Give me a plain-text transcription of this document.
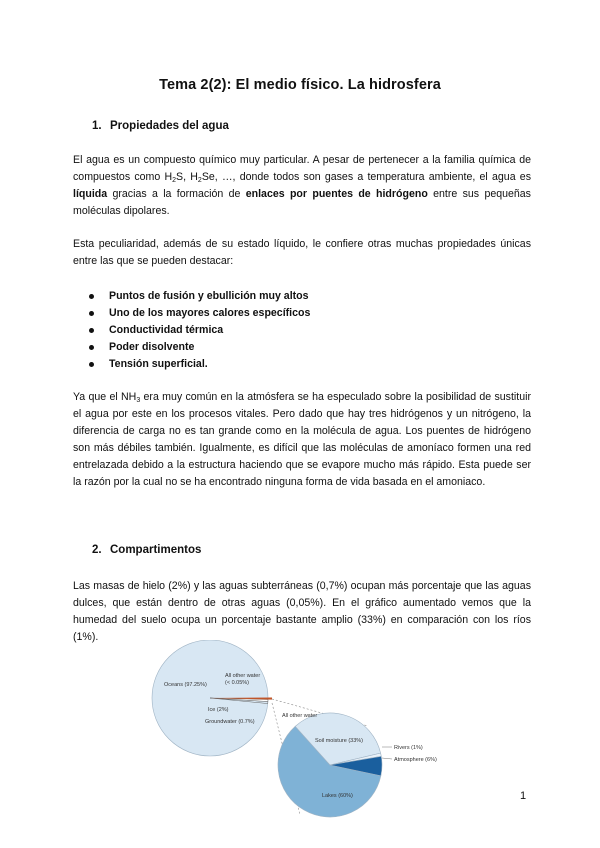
Tema 2(2): El medio físico. La hidrosfera
1. Propiedades del agua

El agua es un compuesto químico muy particular. A pesar de pertenecer a la familia química de compuestos como $H_2S$, $H_2Se$, …, donde todos son gases a temperatura ambiente, el agua es líquida gracias a la formación de enlaces por puentes de hidrógeno entre sus pequeñas moléculas dipolares.

Esta peculiaridad, además de su estado líquido, le confiere otras muchas propiedades únicas entre las que se pueden destacar:

Puntos de fusión y ebullición muy altos
Uno de los mayores calores específicos
Conductividad térmica
Poder disolvente
Tensión superficial.

Ya que el $NH_3$ era muy común en la atmósfera se ha especulado sobre la posibilidad de sustituir el agua por este en los procesos vitales. Pero dado que hay tres hidrógenos y un nitrógeno, la diferencia de carga no es tan grande como en la molécula de agua. Los puentes de hidrógeno son más débiles también. Igualmente, es difícil que las moléculas de amoníaco formen una red entrelazada debido a la estructura haciendo que se evapore mucho más rápido. Esta puede ser la razón por la cual no se ha encontrado ninguna forma de vida basada en el amoniaco.

2. Compartimentos

Las masas de hielo (2%) y las aguas subterráneas (0,7%) ocupan más porcentaje que las aguas dulces, que están dentro de otras aguas (0,05%). En el gráfico aumentado vemos que la humedad del suelo ocupa un porcentaje bastante amplio (33%) en comparación con los ríos (1%).

Oceans (97.25%)
All other water (< 0.05%)
Ice (2%)
Groundwater (0.7%)
All other water
Soil moisture (33%)
Rivers (1%)
Atmosphere (6%)
Lakes (60%)	1
